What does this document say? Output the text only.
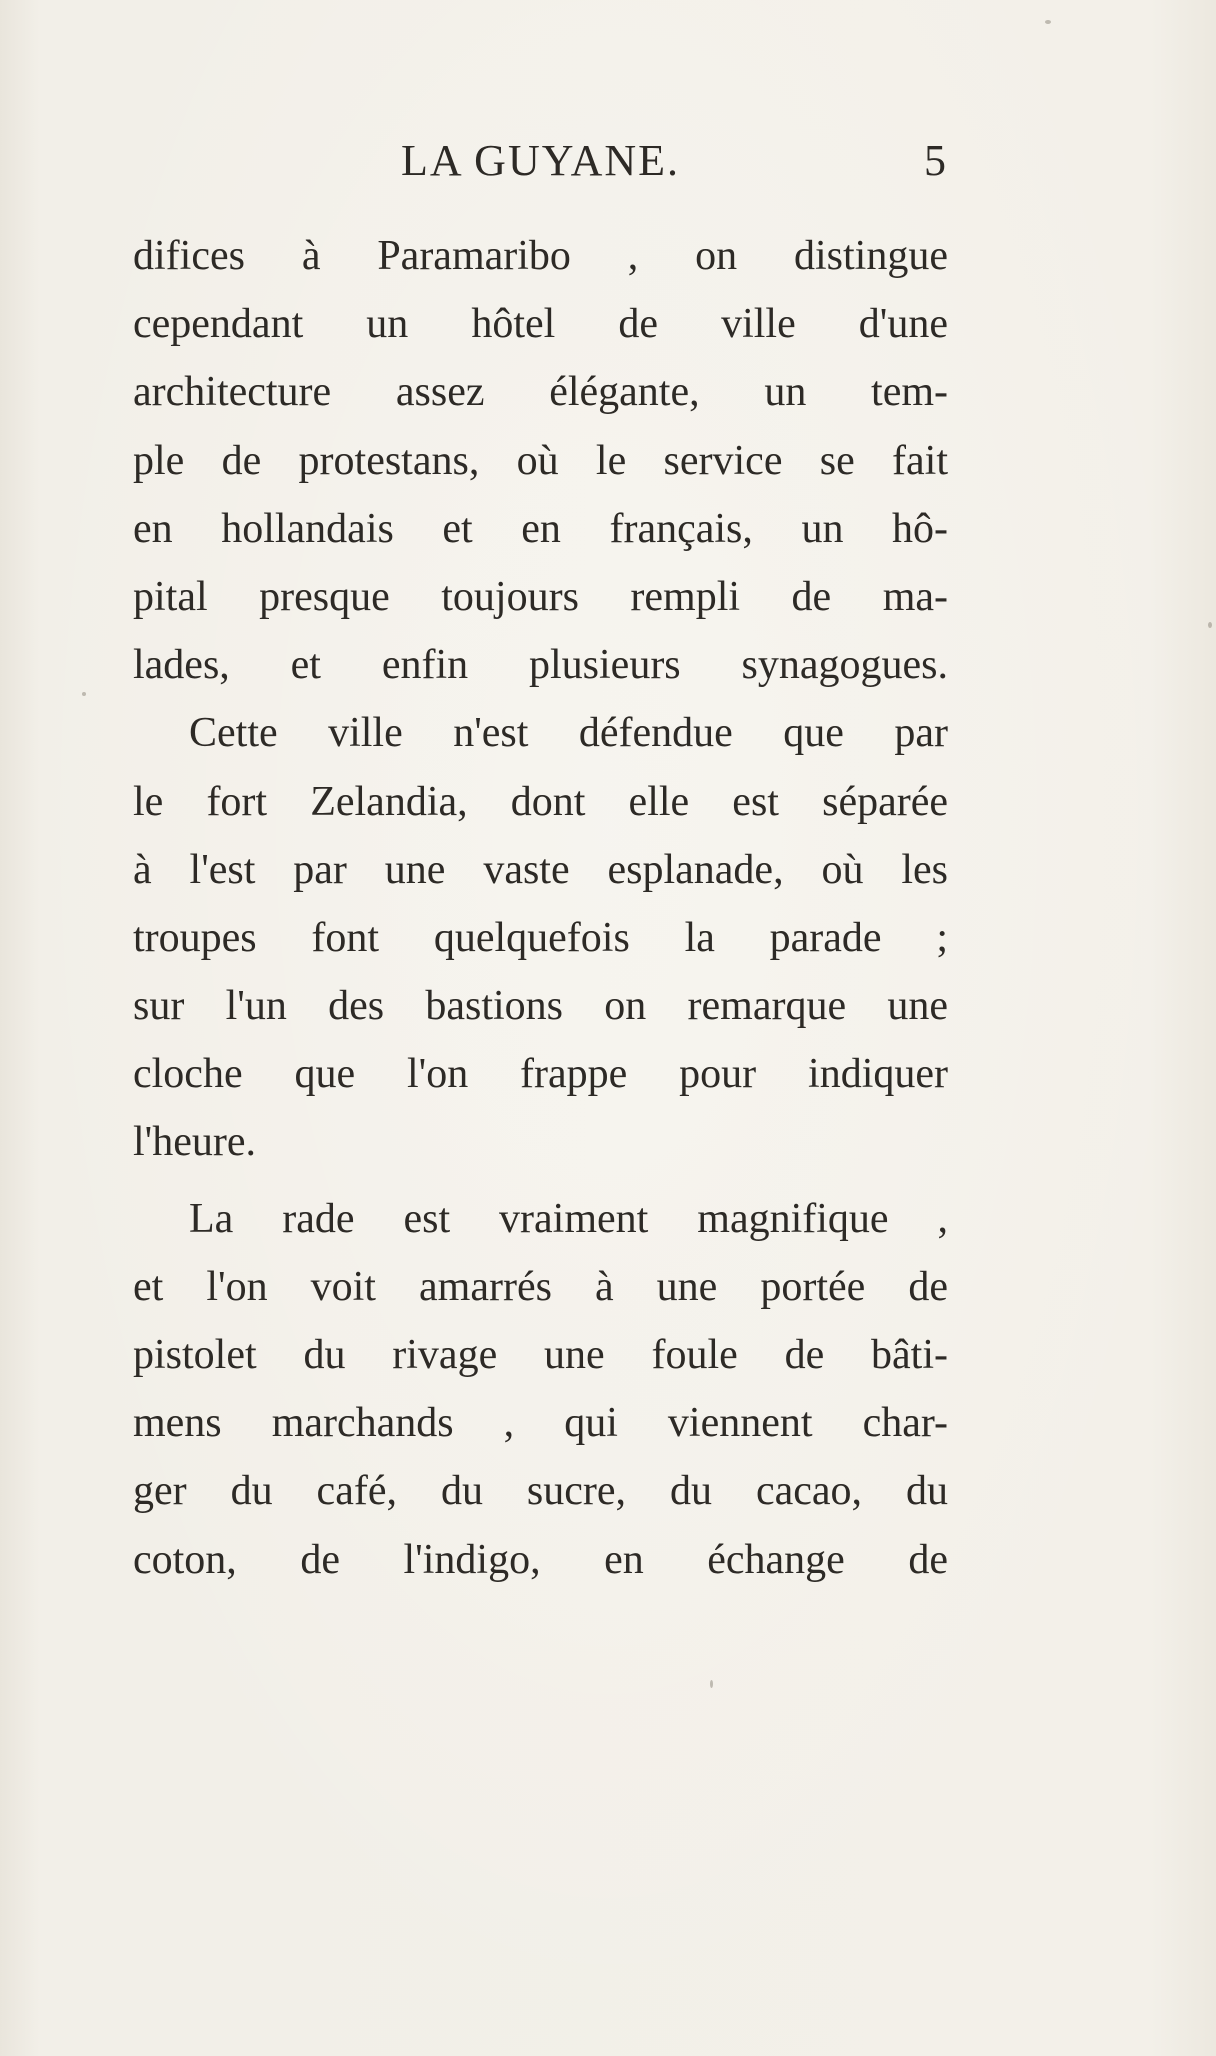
LA GUYANE.	5
difices à Paramaribo , on distingue
cependant un hôtel de ville d'une
architecture assez élégante, un tem-
ple de protestans, où le service se fait
en hollandais et en français, un hô-
pital presque toujours rempli de ma-
lades, et enfin plusieurs synagogues.
Cette ville n'est défendue que par
le fort Zelandia, dont elle est séparée
à l'est par une vaste esplanade, où les
troupes font quelquefois la parade ;
sur l'un des bastions on remarque une
cloche que l'on frappe pour indiquer
l'heure.
La rade est vraiment magnifique ,
et l'on voit amarrés à une portée de
pistolet du rivage une foule de bâti-
mens marchands , qui viennent char-
ger du café, du sucre, du cacao, du
coton, de l'indigo, en échange de
